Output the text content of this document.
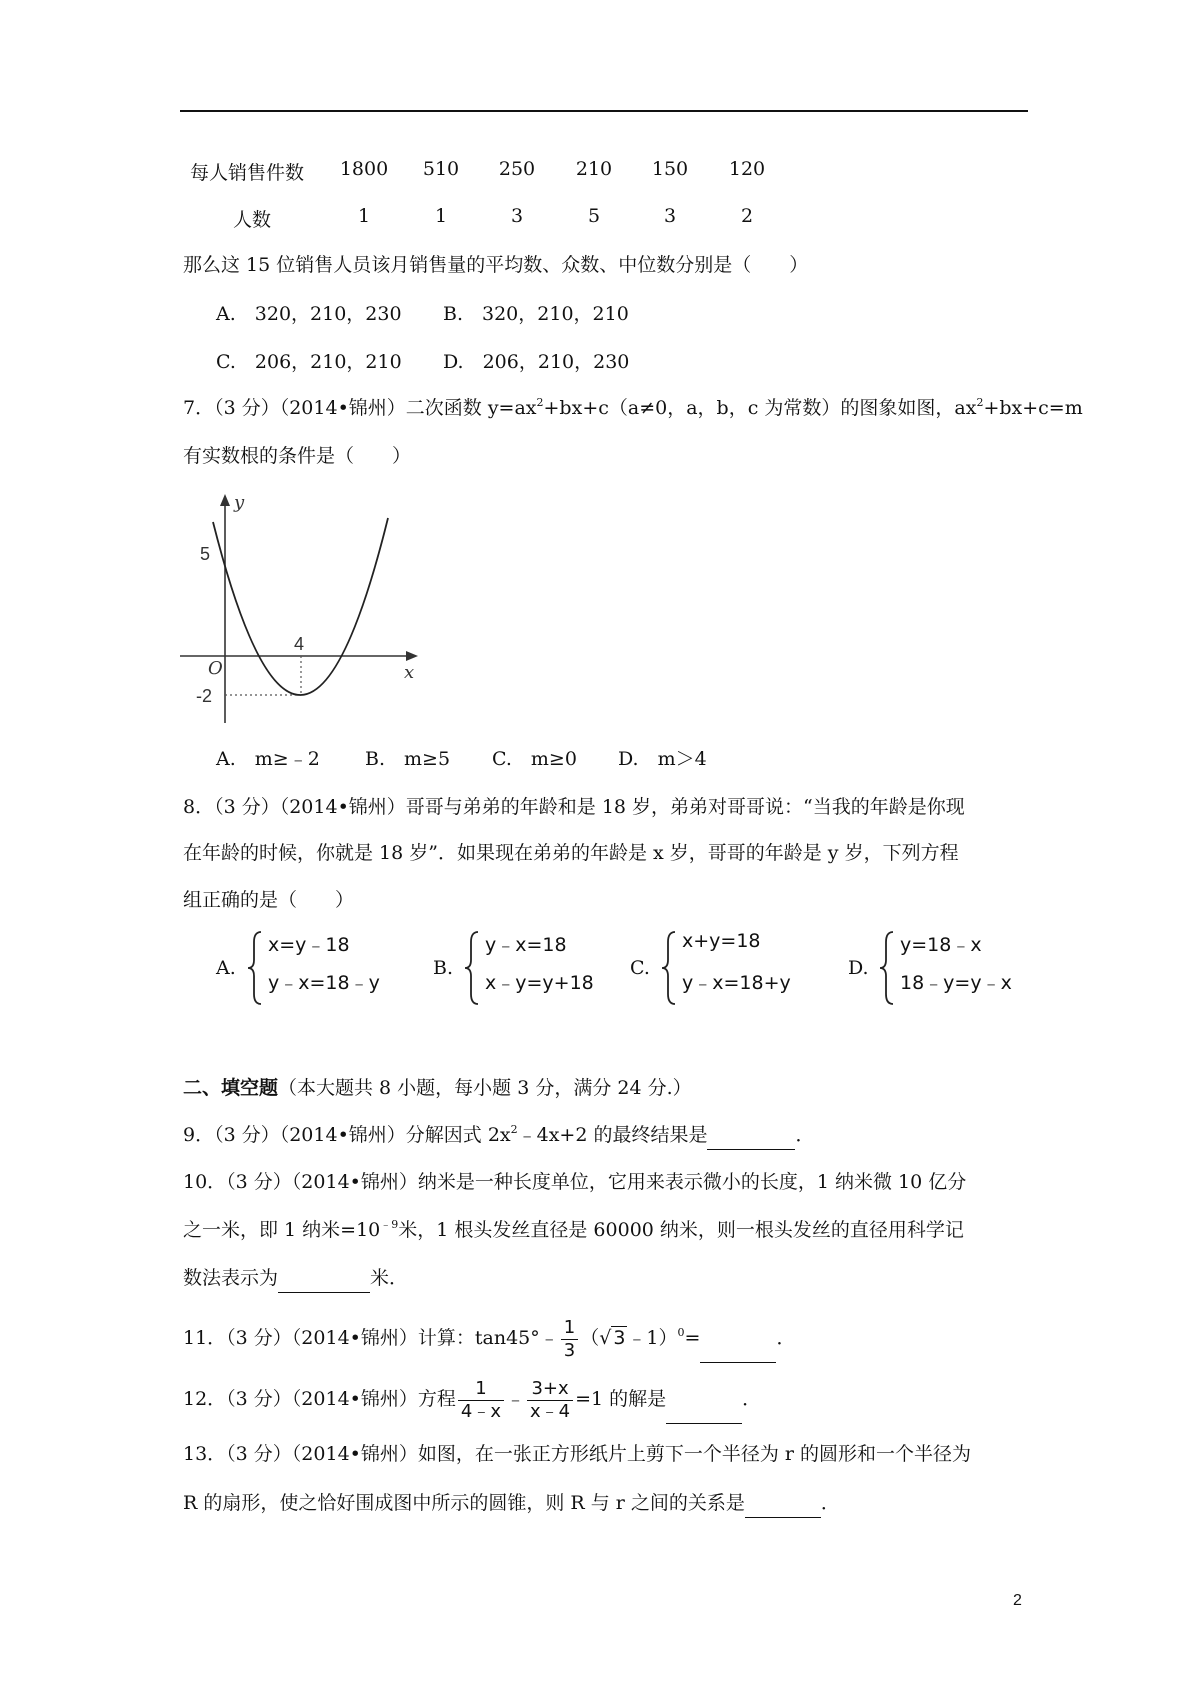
每人销售件数	1800	510	250	210	150	120
人数	1	1	3	5	3	2
那么这 15 位销售人员该月销售量的平均数、众数、中位数分别是（　　）
A.　320，210，230 B.　320，210，210
C.　206，210，210 D.　206，210，230
7．（3 分）（2014•锦州）二次函数 $y=ax^2+bx+c(a\ne 0$，a，b，c 为常数）的图象如图，$ax^2+bx+c=m$
有实数根的条件是（　　）
y
x
O
5
-2
4
A.　m≥﹣2 B.　m≥5 C.　m≥0 D.　m＞4
8．（3 分）（2014•锦州）哥哥与弟弟的年龄和是 18 岁，弟弟对哥哥说：“当我的年龄是你现
在年龄的时候，你就是 18 岁”．如果现在弟弟的年龄是 x 岁，哥哥的年龄是 y 岁，下列方程
组正确的是（　　）
A.
x=y﹣18
y﹣x=18﹣y
B.
y﹣x=18
x﹣y=y+18
C.
x+y=18
y﹣x=18+y
D.
y=18﹣x
18﹣y=y﹣x
二、填空题（本大题共 8 小题，每小题 3 分，满分 24 分.）
9．（3 分）（2014•锦州）分解因式 $2x^2﹣4x+2$ 的最终结果是	．
10．（3 分）（2014•锦州）纳米是一种长度单位，它用来表示微小的长度，1 纳米微 10 亿分
之一米，即 1 纳米$=10^{﹣9}$米，1 根头发丝直径是 60000 纳米，则一根头发丝的直径用科学记
数法表示为	米．
11．（3 分）（2014•锦州）计算：tan45°﹣ $\frac{1}{3}$ （√ 3 ﹣1）$^0$=	．
12．（3 分）（2014•锦州）方程 $\frac{1}{4﹣x}$ ﹣ $\frac{3+x}{x﹣4} =1$ 的解是	．
13．（3 分）（2014•锦州）如图，在一张正方形纸片上剪下一个半径为 r 的圆形和一个半径为
R 的扇形，使之恰好围成图中所示的圆锥，则 R 与 r 之间的关系是	．
2
